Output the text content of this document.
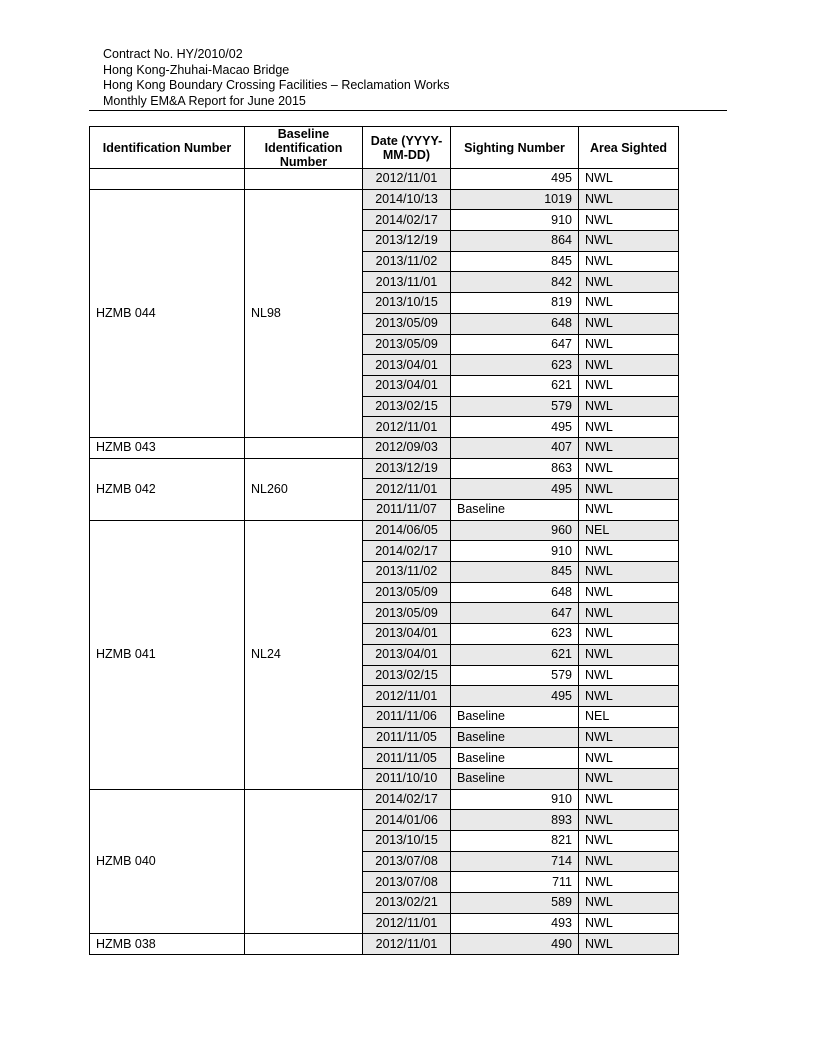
Contract No. HY/2010/02
Hong Kong-Zhuhai-Macao Bridge
Hong Kong Boundary Crossing Facilities – Reclamation Works
Monthly EM&A Report for June 2015
Identification Number	Baseline Identification Number	Date (YYYY-MM-DD)	Sighting Number	Area Sighted

		2012/11/01	495	NWL
HZMB 044	NL98	2014/10/13	1019	NWL
		2014/02/17	910	NWL
		2013/12/19	864	NWL
		2013/11/02	845	NWL
		2013/11/01	842	NWL
		2013/10/15	819	NWL
		2013/05/09	648	NWL
		2013/05/09	647	NWL
		2013/04/01	623	NWL
		2013/04/01	621	NWL
		2013/02/15	579	NWL
		2012/11/01	495	NWL
HZMB 043		2012/09/03	407	NWL
HZMB 042	NL260	2013/12/19	863	NWL
		2012/11/01	495	NWL
		2011/11/07	Baseline	NWL
HZMB 041	NL24	2014/06/05	960	NEL
		2014/02/17	910	NWL
		2013/11/02	845	NWL
		2013/05/09	648	NWL
		2013/05/09	647	NWL
		2013/04/01	623	NWL
		2013/04/01	621	NWL
		2013/02/15	579	NWL
		2012/11/01	495	NWL
		2011/11/06	Baseline	NEL
		2011/11/05	Baseline	NWL
		2011/11/05	Baseline	NWL
		2011/10/10	Baseline	NWL
HZMB 040		2014/02/17	910	NWL
		2014/01/06	893	NWL
		2013/10/15	821	NWL
		2013/07/08	714	NWL
		2013/07/08	711	NWL
		2013/02/21	589	NWL
		2012/11/01	493	NWL
HZMB 038		2012/11/01	490	NWL
